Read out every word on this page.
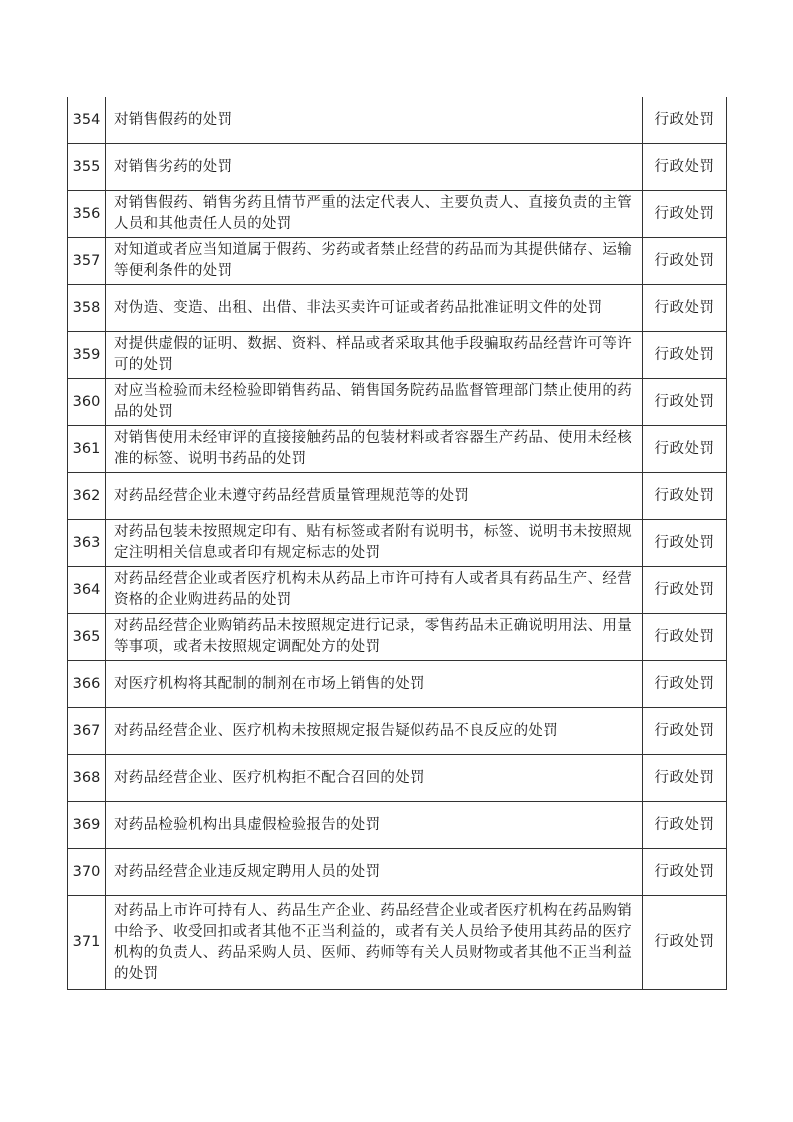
354	对销售假药的处罚	行政处罚
355	对销售劣药的处罚	行政处罚
356	对销售假药、销售劣药且情节严重的法定代表人、主要负责人、直接负责的主管人员和其他责任人员的处罚	行政处罚
357	对知道或者应当知道属于假药、劣药或者禁止经营的药品而为其提供储存、运输等便利条件的处罚	行政处罚
358	对伪造、变造、出租、出借、非法买卖许可证或者药品批准证明文件的处罚	行政处罚
359	对提供虚假的证明、数据、资料、样品或者采取其他手段骗取药品经营许可等许可的处罚	行政处罚
360	对应当检验而未经检验即销售药品、销售国务院药品监督管理部门禁止使用的药品的处罚	行政处罚
361	对销售使用未经审评的直接接触药品的包装材料或者容器生产药品、使用未经核准的标签、说明书药品的处罚	行政处罚
362	对药品经营企业未遵守药品经营质量管理规范等的处罚	行政处罚
363	对药品包装未按照规定印有、贴有标签或者附有说明书，标签、说明书未按照规定注明相关信息或者印有规定标志的处罚	行政处罚
364	对药品经营企业或者医疗机构未从药品上市许可持有人或者具有药品生产、经营资格的企业购进药品的处罚	行政处罚
365	对药品经营企业购销药品未按照规定进行记录，零售药品未正确说明用法、用量等事项，或者未按照规定调配处方的处罚	行政处罚
366	对医疗机构将其配制的制剂在市场上销售的处罚	行政处罚
367	对药品经营企业、医疗机构未按照规定报告疑似药品不良反应的处罚	行政处罚
368	对药品经营企业、医疗机构拒不配合召回的处罚	行政处罚
369	对药品检验机构出具虚假检验报告的处罚	行政处罚
370	对药品经营企业违反规定聘用人员的处罚	行政处罚
371	对药品上市许可持有人、药品生产企业、药品经营企业或者医疗机构在药品购销中给予、收受回扣或者其他不正当利益的，或者有关人员给予使用其药品的医疗机构的负责人、药品采购人员、医师、药师等有关人员财物或者其他不正当利益的处罚	行政处罚
